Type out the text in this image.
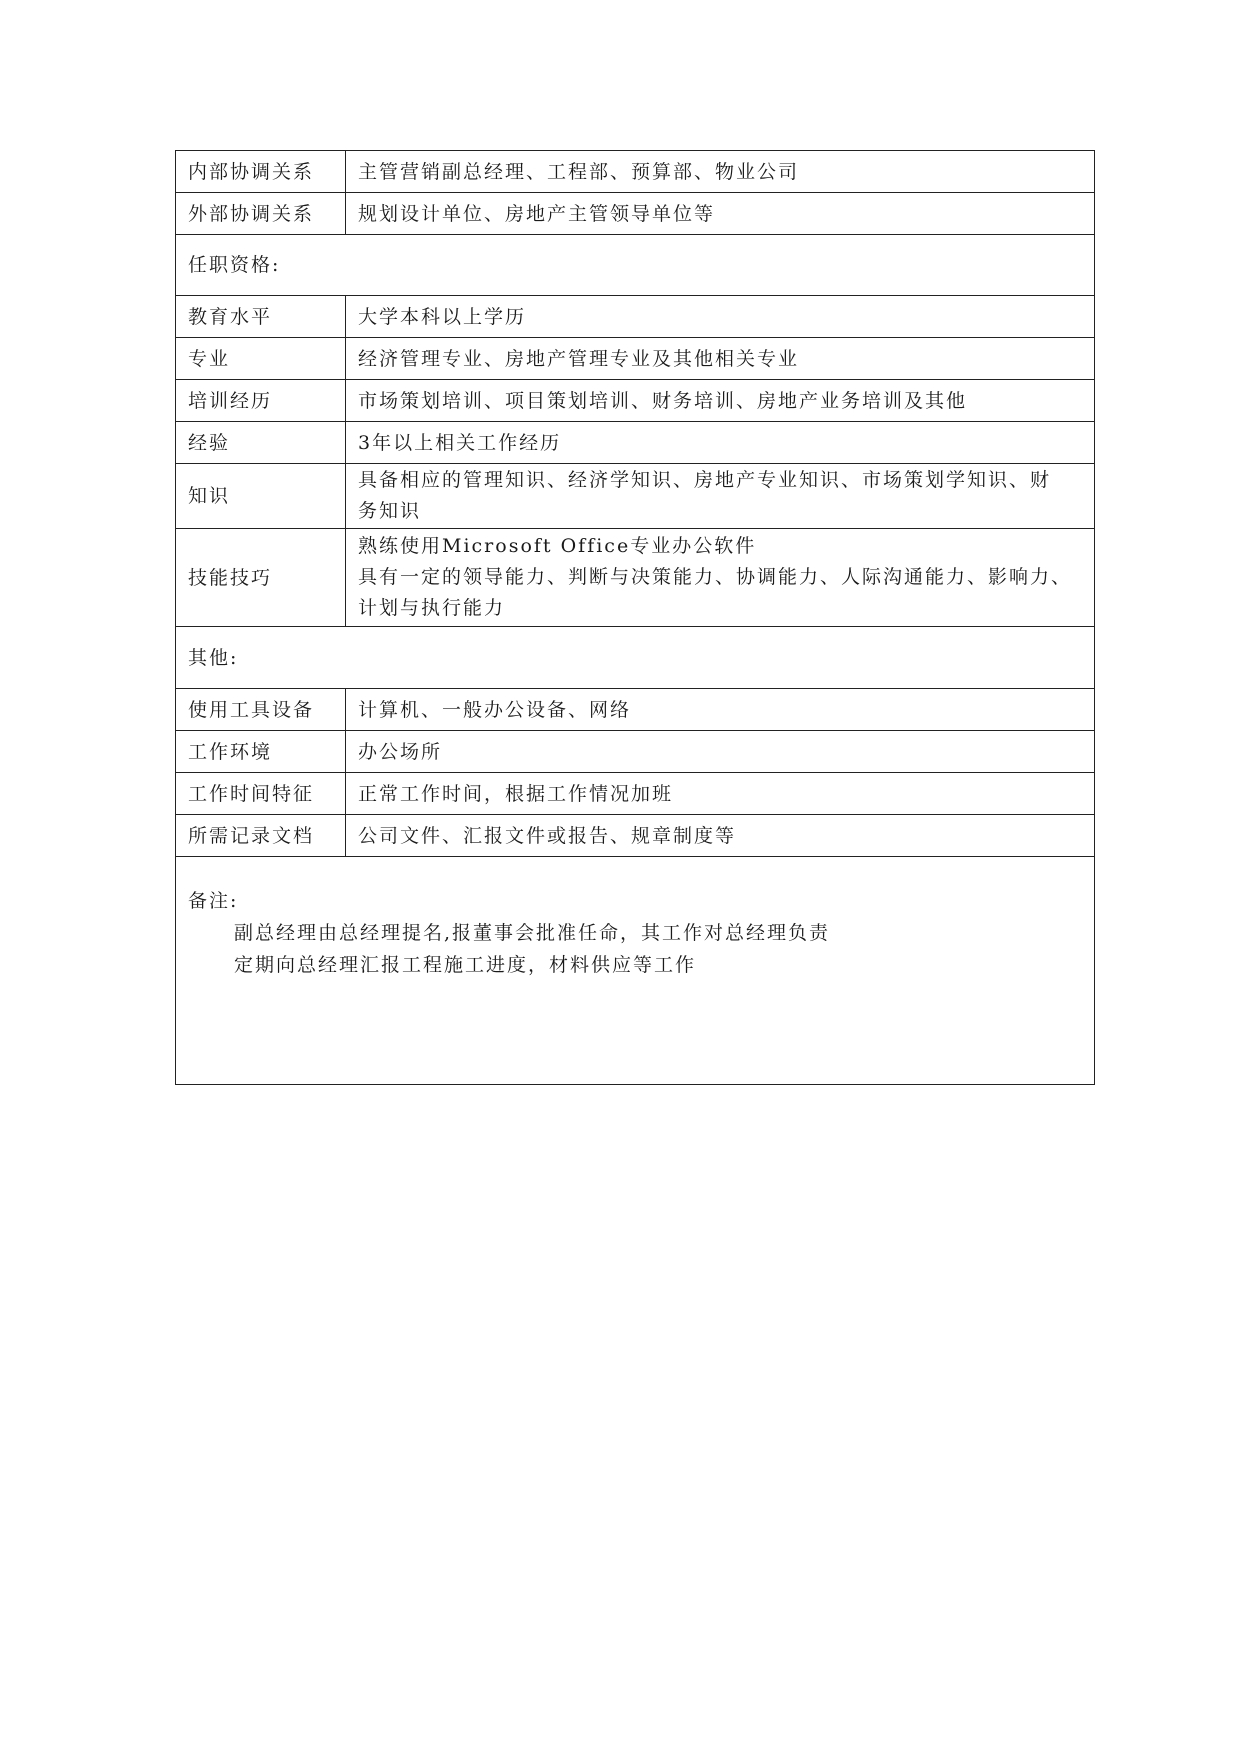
内部协调关系	主管营销副总经理、工程部、预算部、物业公司
外部协调关系	规划设计单位、房地产主管领导单位等
任职资格:	
教育水平	大学本科以上学历
专业	经济管理专业、房地产管理专业及其他相关专业
培训经历	市场策划培训、项目策划培训、财务培训、房地产业务培训及其他
经验	3年以上相关工作经历
知识	具备相应的管理知识、经济学知识、房地产专业知识、市场策划学知识、财
务知识

技能技巧	熟练使用Microsoft Office专业办公软件
具有一定的领导能力、判断与决策能力、协调能力、人际沟通能力、影响力、
计划与执行能力

其他:	
使用工具设备	计算机、一般办公设备、网络
工作环境	办公场所
工作时间特征	正常工作时间，根据工作情况加班
所需记录文档	公司文件、汇报文件或报告、规章制度等

备注:
副总经理由总经理提名,报董事会批准任命，其工作对总经理负责
定期向总经理汇报工程施工进度，材料供应等工作	
